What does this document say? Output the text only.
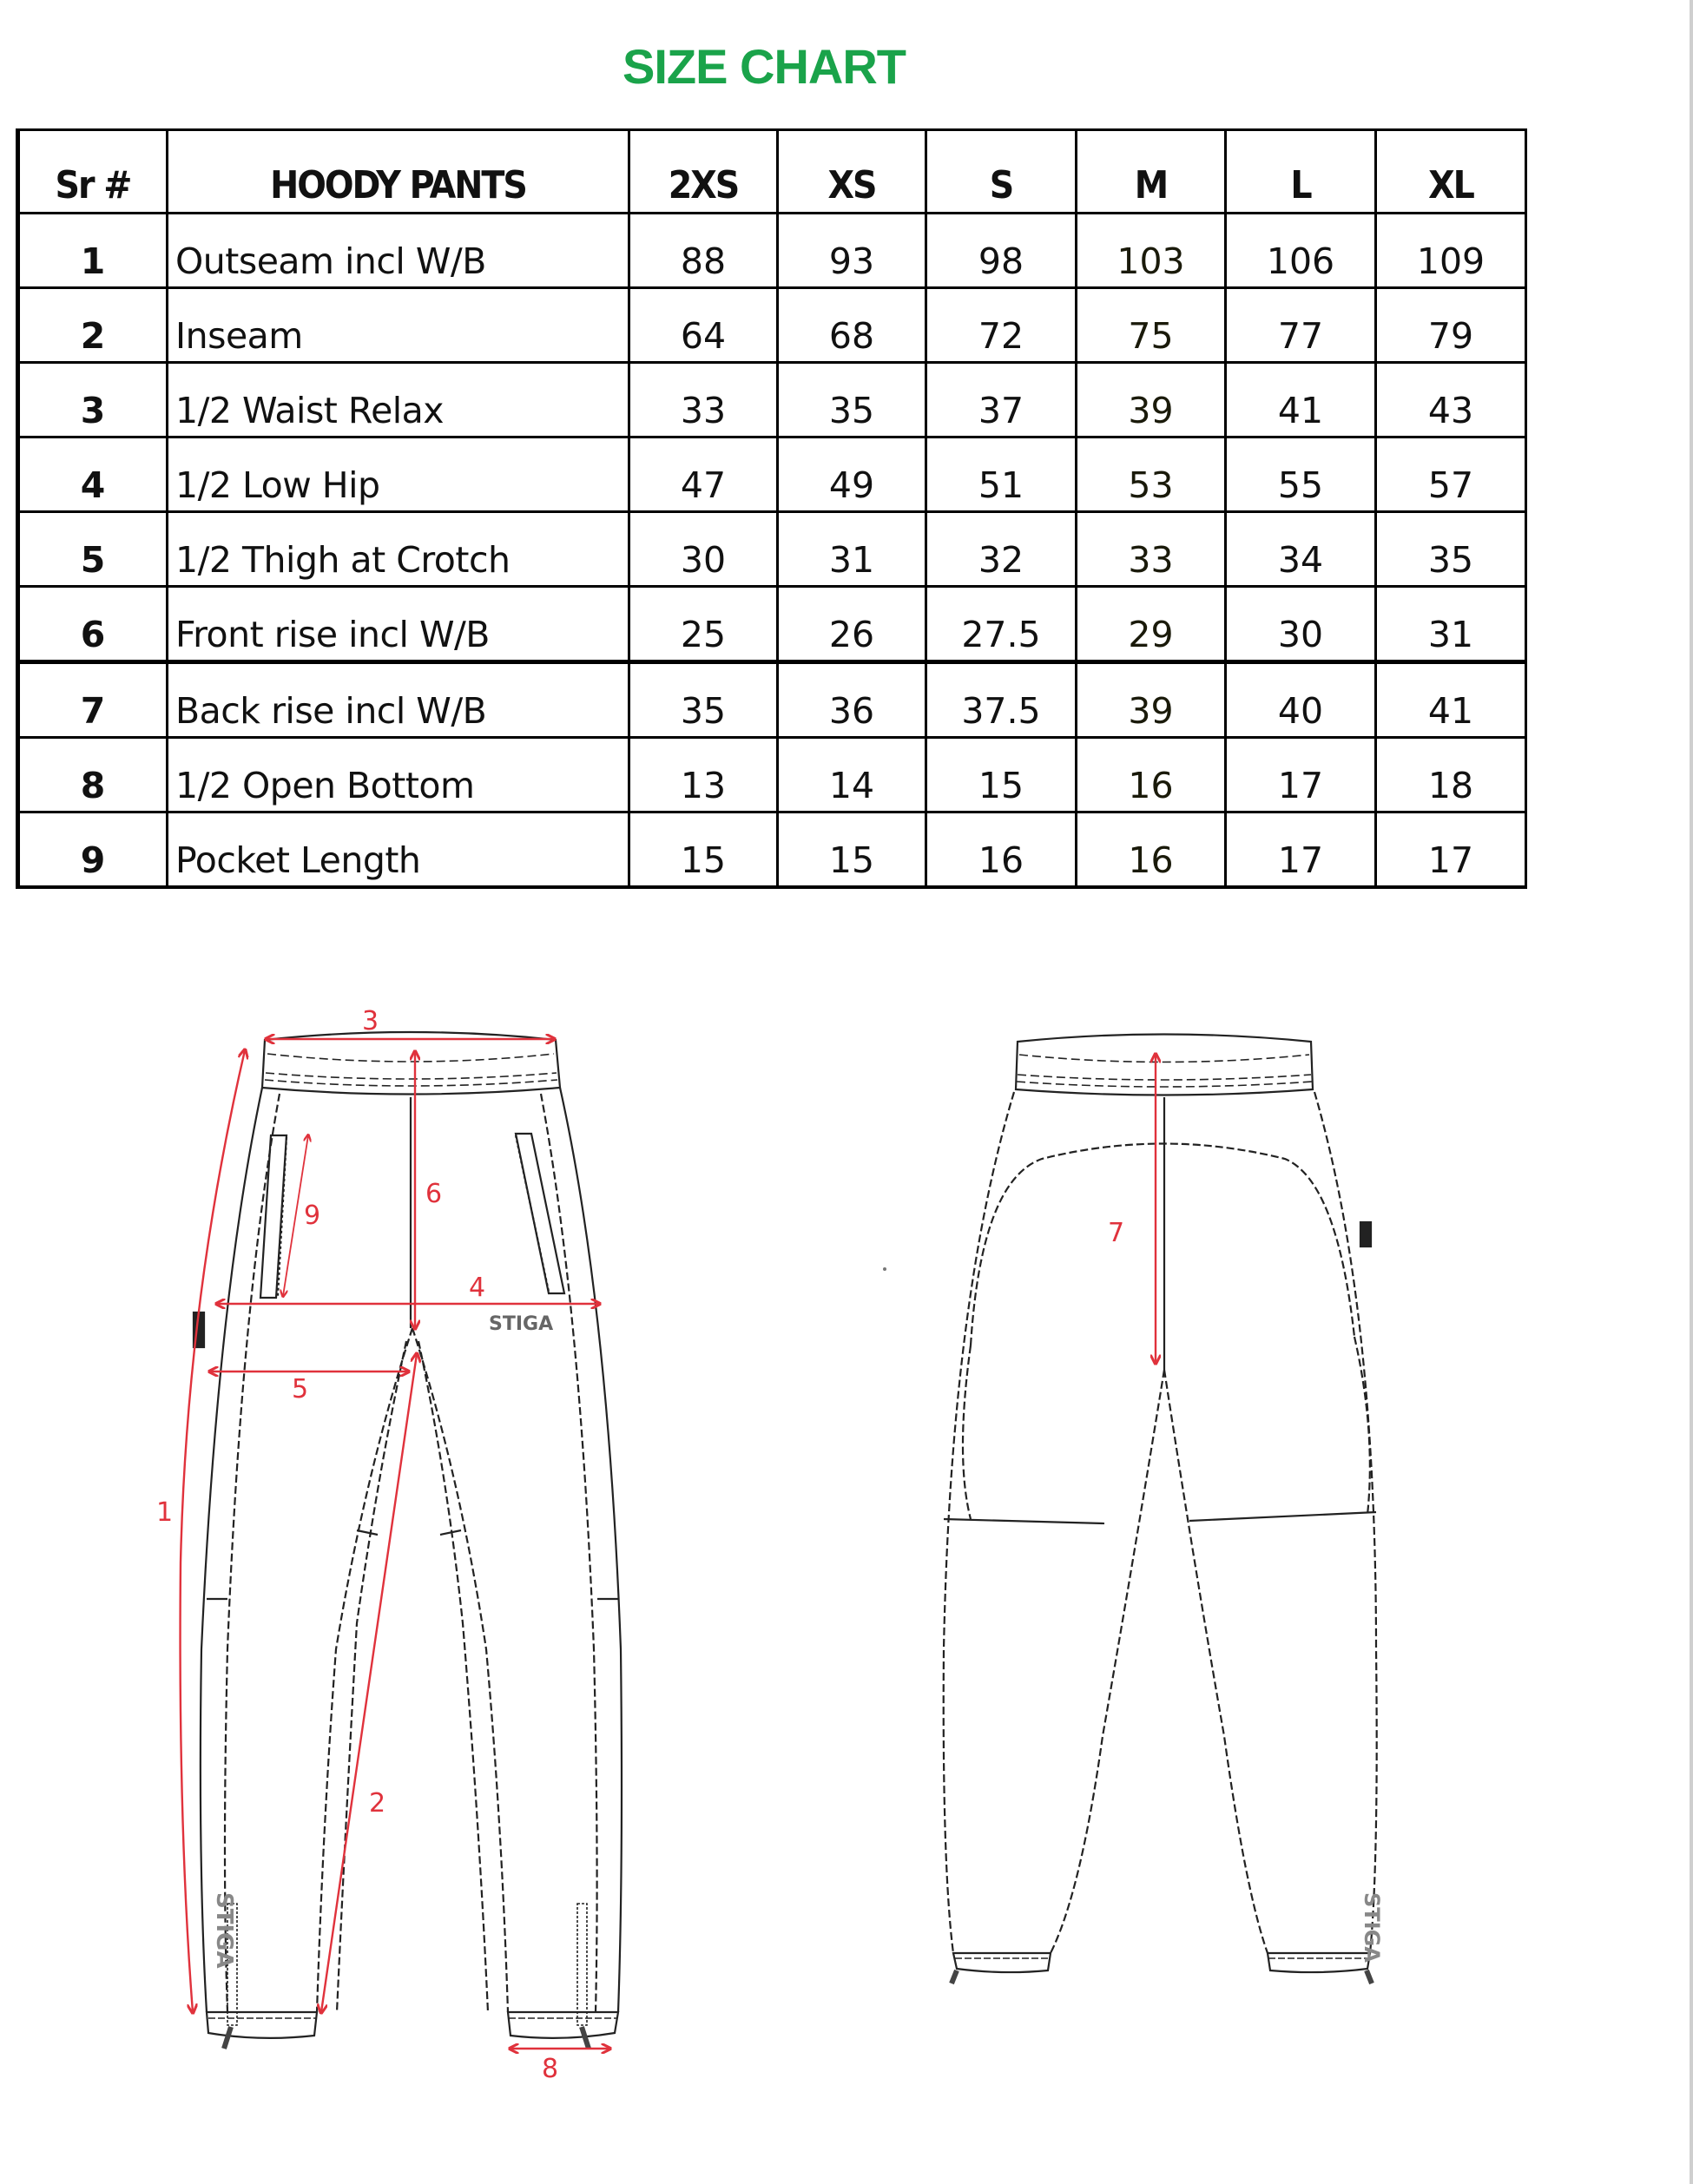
SIZE CHART
Sr #	HOODY PANTS	2XS	XS	S	M	L	XL
1	Outseam incl W/B	88	93	98	103	106	109
2	Inseam	64	68	72	75	77	79
3	1/2 Waist Relax	33	35	37	39	41	43
4	1/2 Low Hip	47	49	51	53	55	57
5	1/2 Thigh at Crotch	30	31	32	33	34	35
6	Front rise incl W/B	25	26	27.5	29	30	31
7	Back rise incl W/B	35	36	37.5	39	40	41
8	1/2 Open Bottom	13	14	15	16	17	18
9	Pocket Length	15	15	16	16	17	17
STIGA
STIGA
3
6
9
4
5
1
2
8
STIGA
7
